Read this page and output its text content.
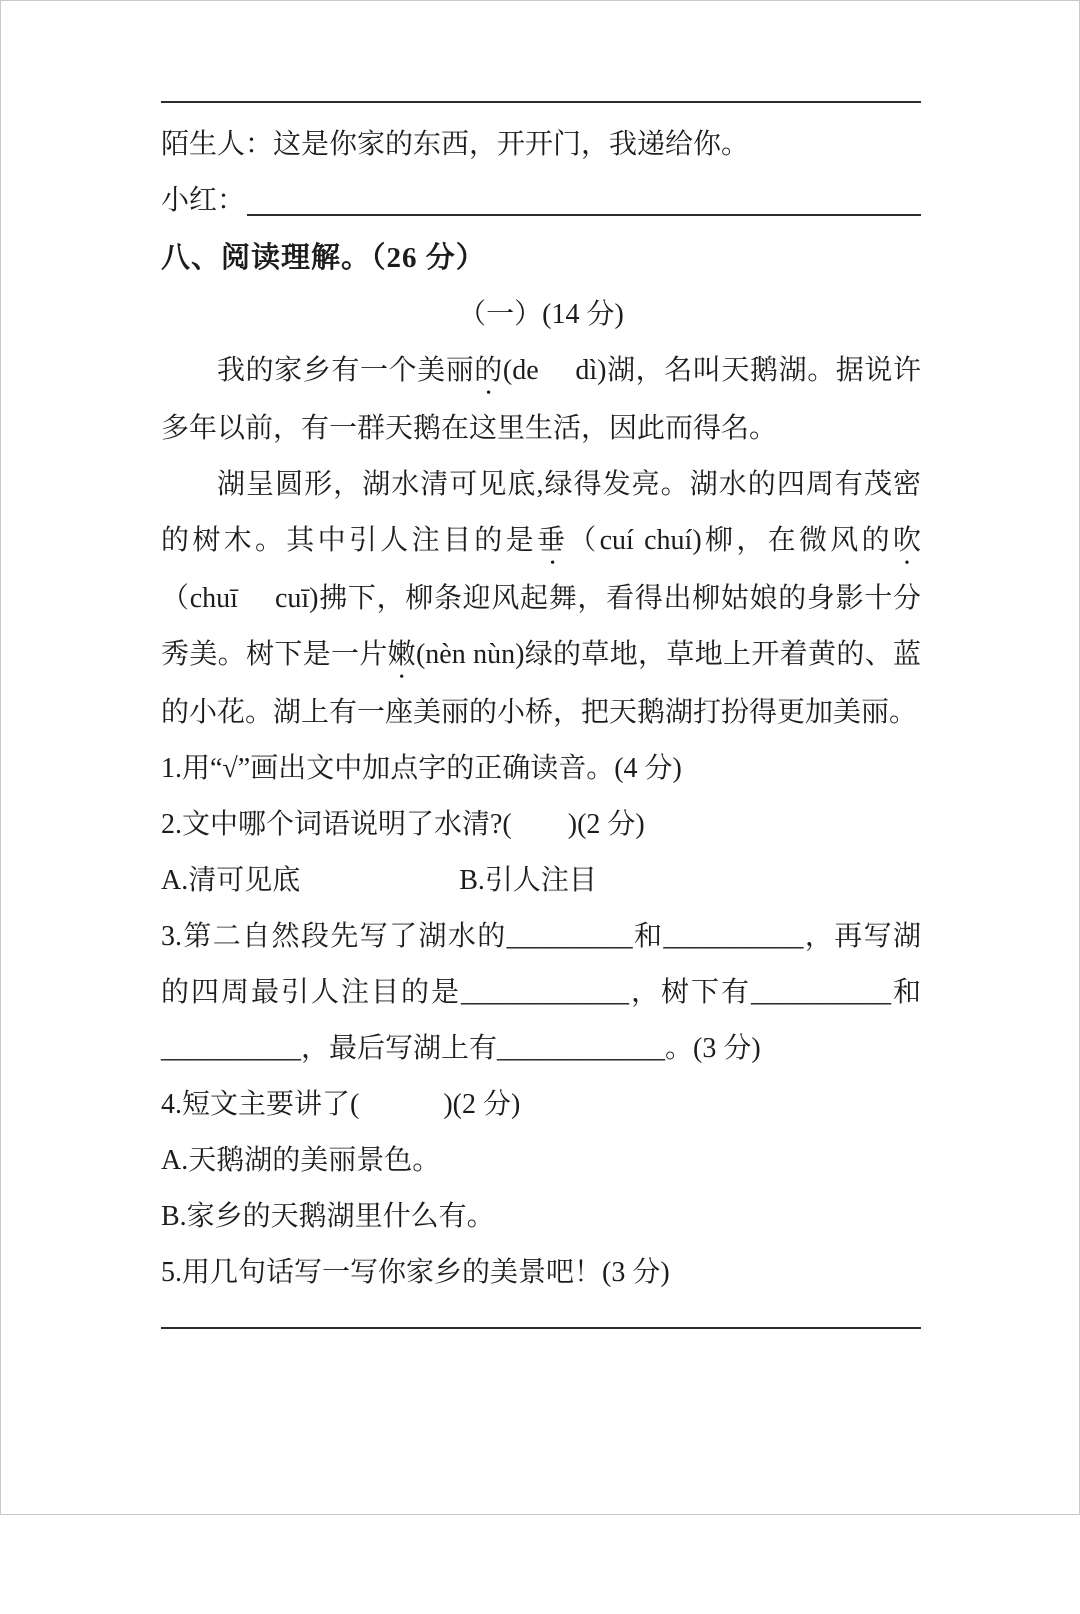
陌生人：这是你家的东西，开开门，我递给你。

小红：

八、阅读理解。（26 分）

（一）(14 分)

我的家乡有一个美丽的(de　 dì)湖，名叫天鹅湖。据说许多年以前，有一群天鹅在这里生活，因此而得名。

湖呈圆形，湖水清可见底,绿得发亮。湖水的四周有茂密的树木。其中引人注目的是垂（cuí chuí)柳，在微风的吹（chuī　 cuī)拂下，柳条迎风起舞，看得出柳姑娘的身影十分秀美。树下是一片嫩(nèn nùn)绿的草地，草地上开着黄的、蓝的小花。湖上有一座美丽的小桥，把天鹅湖打扮得更加美丽。

1.用“√”画出文中加点字的正确读音。(4 分)

2.文中哪个词语说明了水清?(　　)(2 分)

A.清可见底	B.引人注目

3.第二自然段先写了湖水的_________和__________，再写湖的四周最引人注目的是____________，树下有__________和__________，最后写湖上有____________。(3 分)

4.短文主要讲了(　　　)(2 分)

A.天鹅湖的美丽景色。

B.家乡的天鹅湖里什么有。

5.用几句话写一写你家乡的美景吧！(3 分)
